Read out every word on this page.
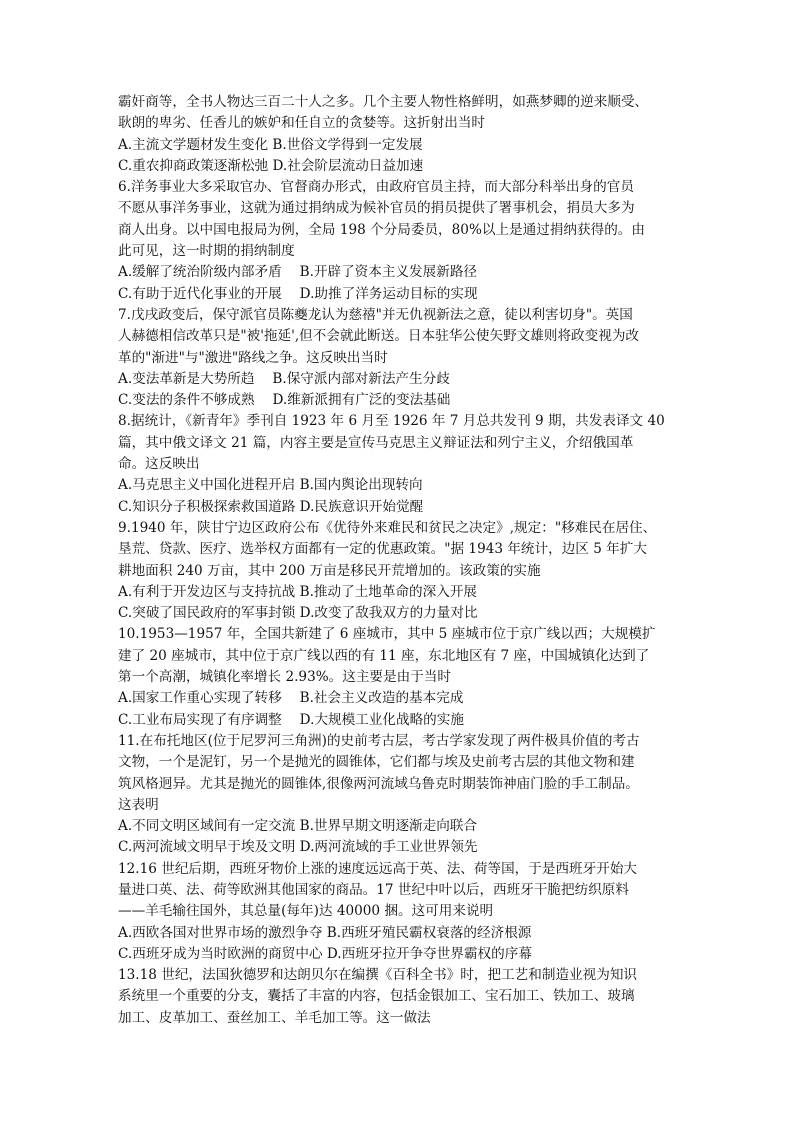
霸奸商等，全书人物达三百二十人之多。几个主要人物性格鲜明，如燕梦卿的逆来顺受、
耿朗的卑劣、任香儿的嫉妒和任自立的贪婪等。这折射出当时
A.主流文学题材发生变化 B.世俗文学得到一定发展
C.重农抑商政策逐渐松弛 D.社会阶层流动日益加速
6.洋务事业大多采取官办、官督商办形式，由政府官员主持，而大部分科举出身的官员
不愿从事洋务事业，这就为通过捐纳成为候补官员的捐员提供了署事机会，捐员大多为
商人出身。以中国电报局为例，全局 198 个分局委员，80%以上是通过捐纳获得的。由
此可见，这一时期的捐纳制度
A.缓解了统治阶级内部矛盾　 B.开辟了资本主义发展新路径
C.有助于近代化事业的开展　 D.助推了洋务运动目标的实现
7.戊戌政变后，保守派官员陈夔龙认为慈禧"并无仇视新法之意，徒以利害切身"。英国
人赫德相信改革只是"被'拖延',但不会就此断送。日本驻华公使矢野文雄则将政变视为改
革的"渐进"与"激进"路线之争。这反映出当时
A.变法革新是大势所趋　 B.保守派内部对新法产生分歧
C.变法的条件不够成熟　 D.维新派拥有广泛的变法基础
8.据统计，《新青年》季刊自 1923 年 6 月至 1926 年 7 月总共发刊 9 期，共发表译文 40
篇，其中俄文译文 21 篇，内容主要是宣传马克思主义辩证法和列宁主义，介绍俄国革
命。这反映出
A.马克思主义中国化进程开启 B.国内舆论出现转向
C.知识分子积极探索救国道路 D.民族意识开始觉醒
9.1940 年，陕甘宁边区政府公布《优待外来难民和贫民之决定》,规定："移难民在居住、
垦荒、贷款、医疗、选举权方面都有一定的优惠政策。"据 1943 年统计，边区 5 年扩大
耕地面积 240 万亩，其中 200 万亩是移民开荒增加的。该政策的实施
A.有利于开发边区与支持抗战 B.推动了土地革命的深入开展
C.突破了国民政府的军事封锁 D.改变了敌我双方的力量对比
10.1953—1957 年，全国共新建了 6 座城市，其中 5 座城市位于京广线以西；大规模扩
建了 20 座城市，其中位于京广线以西的有 11 座，东北地区有 7 座，中国城镇化达到了
第一个高潮，城镇化率增长 2.93%。这主要是由于当时
A.国家工作重心实现了转移　 B.社会主义改造的基本完成
C.工业布局实现了有序调整　 D.大规模工业化战略的实施
11.在布托地区(位于尼罗河三角洲)的史前考古层，考古学家发现了两件极具价值的考古
文物，一个是泥钉，另一个是抛光的圆锥体，它们都与埃及史前考古层的其他文物和建
筑风格迥异。尤其是抛光的圆锥体,很像两河流域乌鲁克时期装饰神庙门脸的手工制品。
这表明
A.不同文明区域间有一定交流 B.世界早期文明逐渐走向联合
C.两河流域文明早于埃及文明 D.两河流域的手工业世界领先
12.16 世纪后期，西班牙物价上涨的速度远远高于英、法、荷等国，于是西班牙开始大
量进口英、法、荷等欧洲其他国家的商品。17 世纪中叶以后，西班牙干脆把纺织原料
——羊毛输往国外，其总量(每年)达 40000 捆。这可用来说明
A.西欧各国对世界市场的激烈争夺 B.西班牙殖民霸权衰落的经济根源
C.西班牙成为当时欧洲的商贸中心 D.西班牙拉开争夺世界霸权的序幕
13.18 世纪，法国狄德罗和达朗贝尔在编撰《百科全书》时，把工艺和制造业视为知识
系统里一个重要的分支，囊括了丰富的内容，包括金银加工、宝石加工、铁加工、玻璃
加工、皮革加工、蚕丝加工、羊毛加工等。这一做法
